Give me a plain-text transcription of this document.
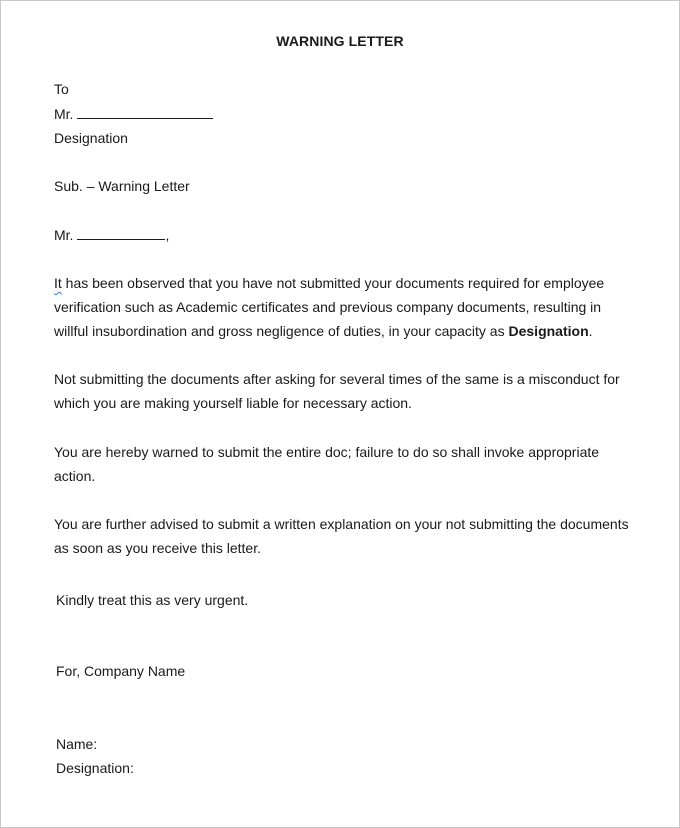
WARNING LETTER
To
Mr.
Designation
Sub. – Warning Letter
Mr.	,
It has been observed that you have not submitted your documents required for employee verification such as Academic certificates and previous company documents, resulting in willful insubordination and gross negligence of duties, in your capacity as Designation.
Not submitting the documents after asking for several times of the same is a misconduct for which you are making yourself liable for necessary action.
You are hereby warned to submit the entire doc; failure to do so shall invoke appropriate action.
You are further advised to submit a written explanation on your not submitting the documents as soon as you receive this letter.
Kindly treat this as very urgent.
For, Company Name
Name:
Designation:
